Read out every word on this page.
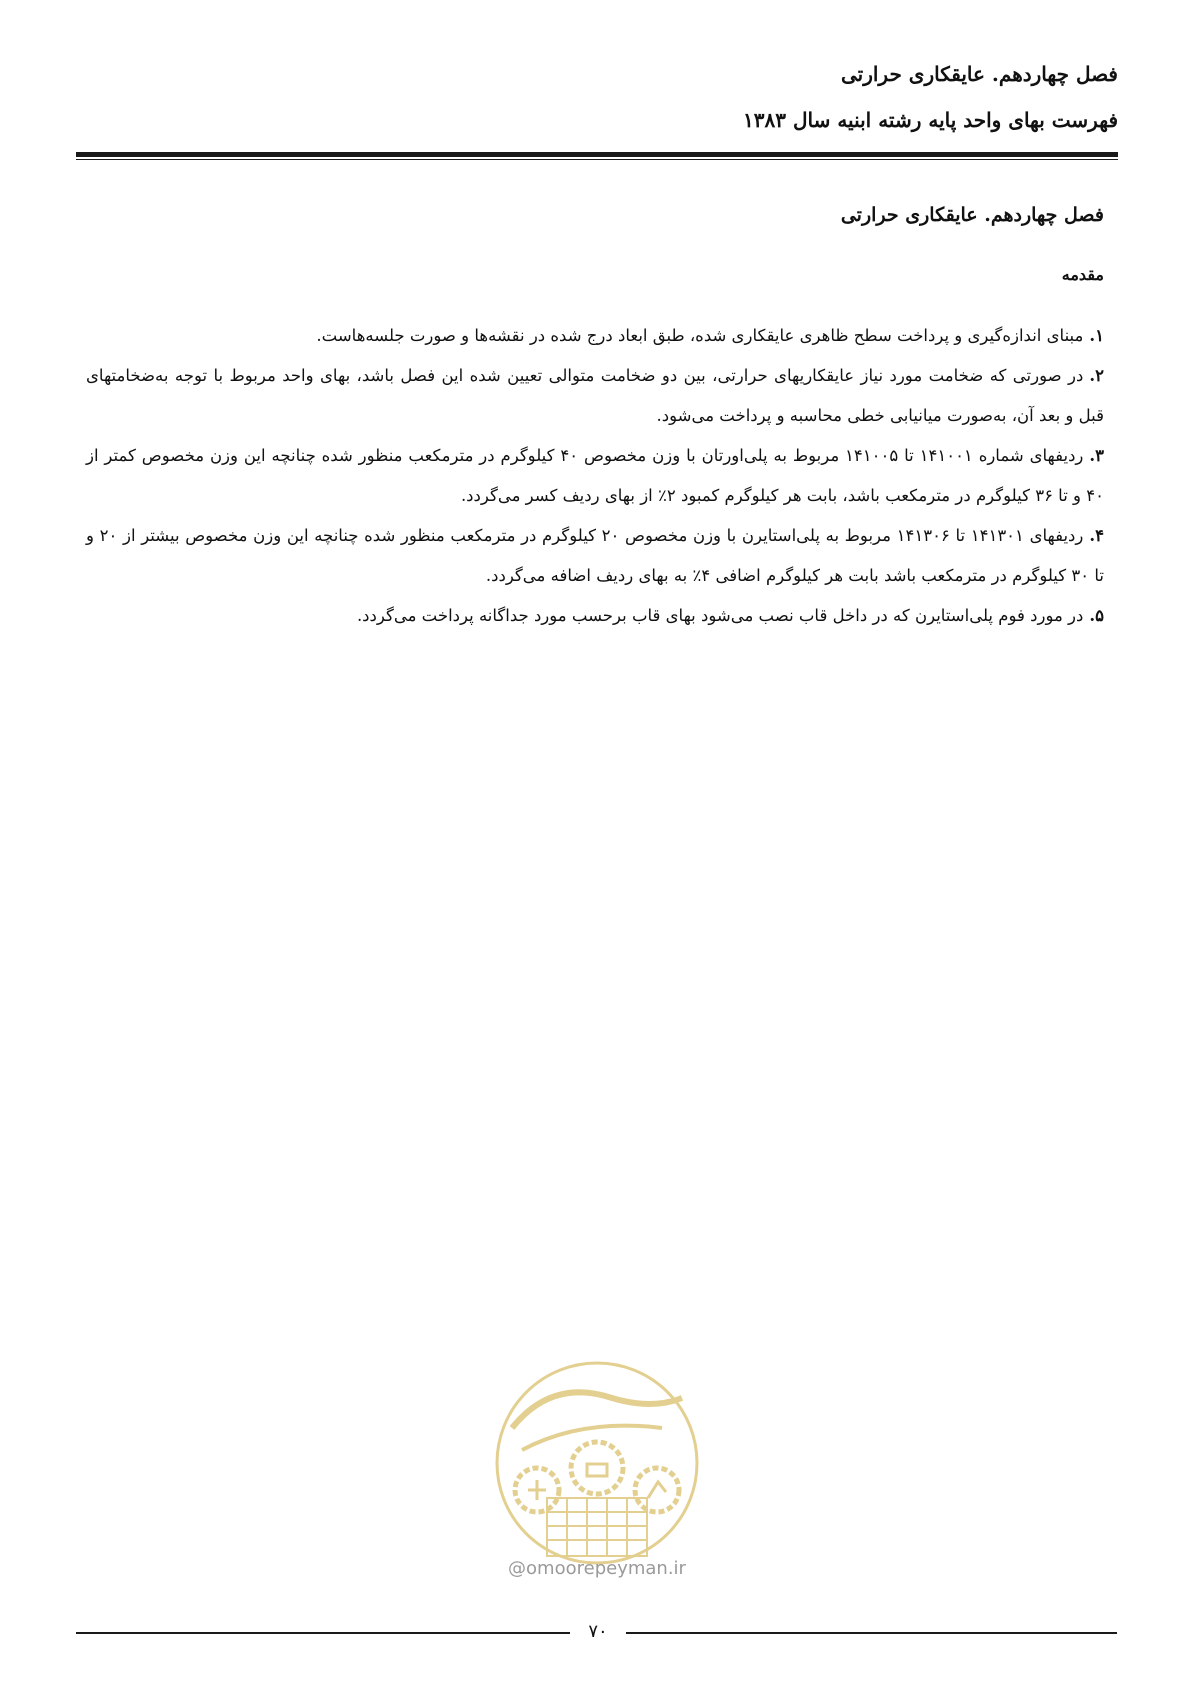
فصل چهاردهم. عایقکاری حرارتی
فهرست بهای واحد پایه رشته ابنیه سال ۱۳۸۳
فصل چهاردهم. عایقکاری حرارتی
مقدمه
۱.مبنای اندازه‌گیری و پرداخت سطح ظاهری عایقکاری شده، طبق ابعاد درج شده در نقشه‌ها و صورت جلسه‌هاست.
۲.در صورتی که ضخامت مورد نیاز عایقکاریهای حرارتی، بین دو ضخامت متوالی تعیین شده این فصل باشد، بهای واحد مربوط با توجه به‌ضخامتهای قبل و بعد آن، به‌صورت میانیابی خطی محاسبه و پرداخت می‌شود.
۳.ردیفهای شماره ۱۴۱۰۰۱ تا ۱۴۱۰۰۵ مربوط به پلی‌اورتان با وزن مخصوص ۴۰ کیلوگرم در مترمکعب منظور شده چنانچه این وزن مخصوص کمتر از ۴۰ و تا ۳۶ کیلوگرم در مترمکعب باشد، بابت هر کیلوگرم کمبود ۲٪ از بهای ردیف کسر می‌گردد.
۴.ردیفهای ۱۴۱۳۰۱ تا ۱۴۱۳۰۶ مربوط به پلی‌استایرن با وزن مخصوص ۲۰ کیلوگرم در مترمکعب منظور شده چنانچه این وزن مخصوص بیشتر از ۲۰ و تا ۳۰ کیلوگرم در مترمکعب باشد بابت هر کیلوگرم اضافی ۴٪ به بهای ردیف اضافه می‌گردد.
۵.در مورد فوم پلی‌استایرن که در داخل قاب نصب می‌شود بهای قاب برحسب مورد جداگانه پرداخت می‌گردد.
@omoorepeyman.ir
۷۰
